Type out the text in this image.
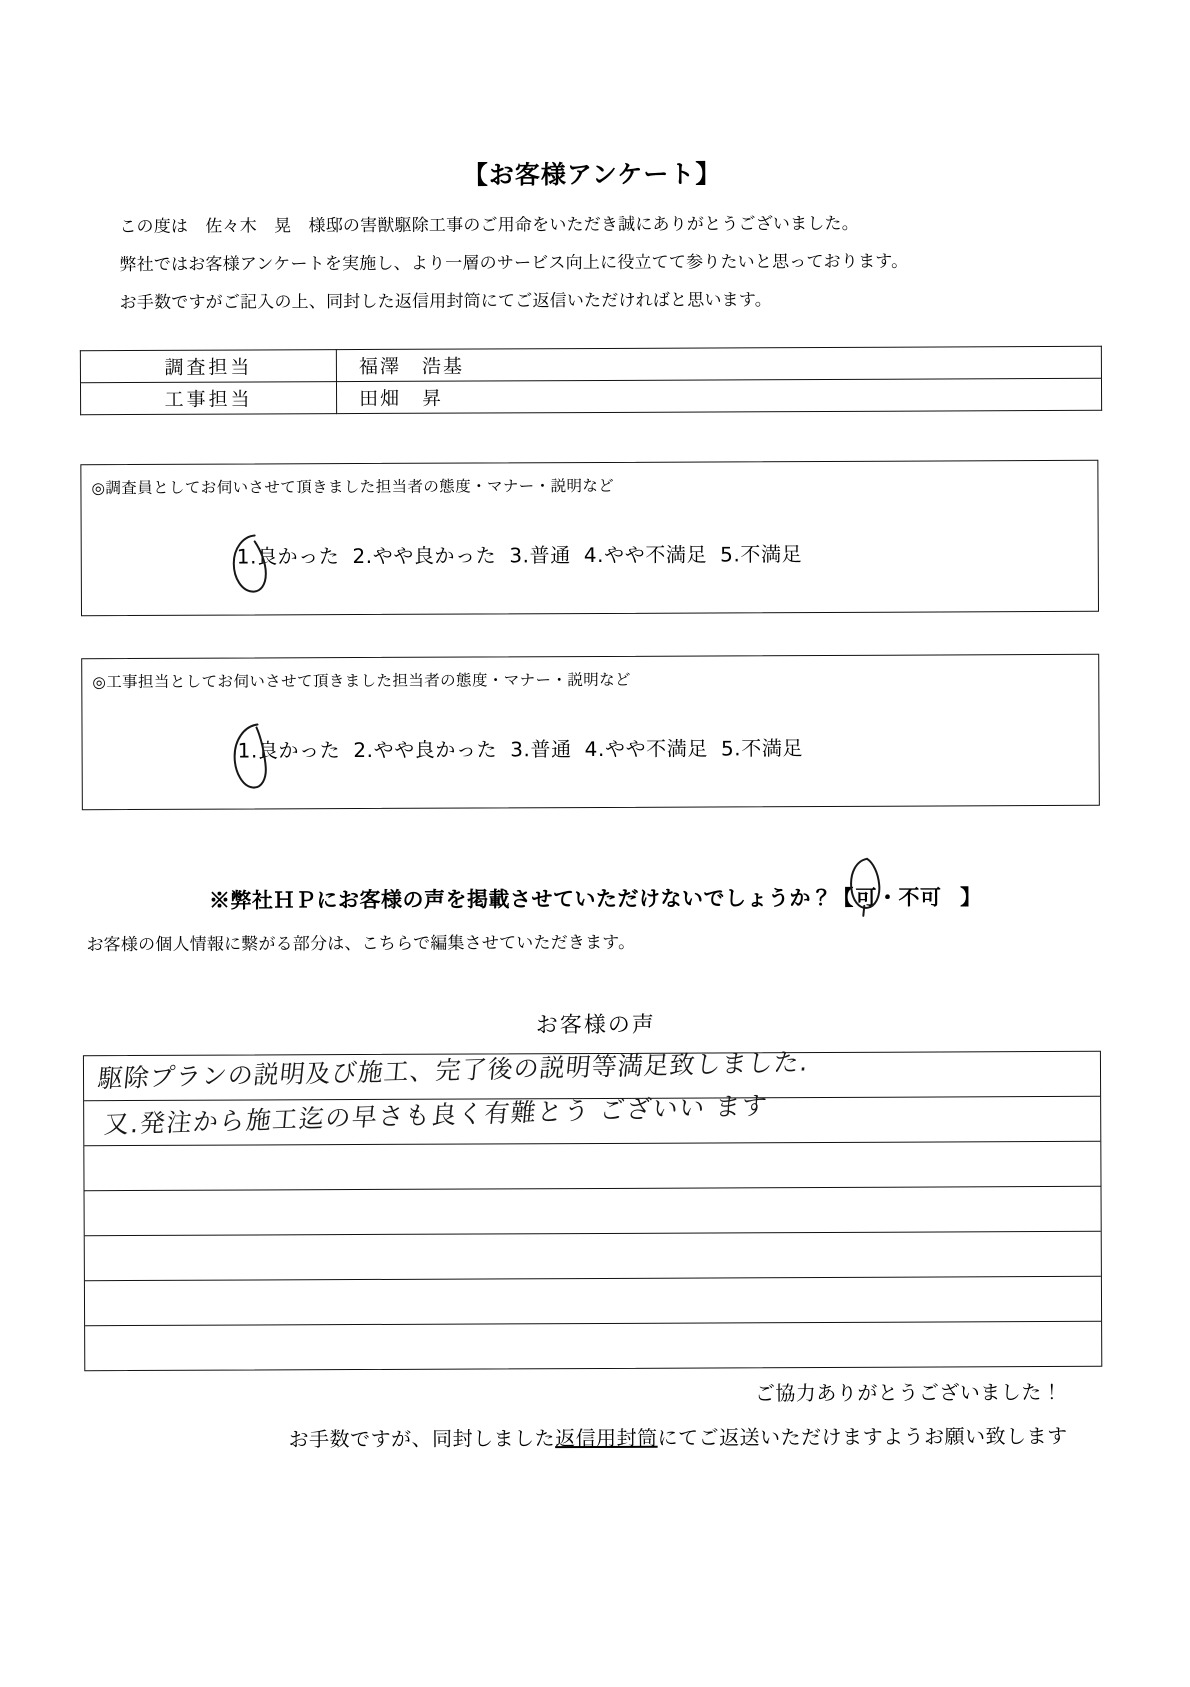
【お客様アンケート】
この度は　佐々木　晃　様邸の害獣駆除工事のご用命をいただき誠にありがとうございました。
弊社ではお客様アンケートを実施し、より一層のサービス向上に役立てて参りたいと思っております。
お手数ですがご記入の上、同封した返信用封筒にてご返信いただければと思います。
調査担当	福澤　浩基
工事担当	田畑　昇
◎調査員としてお伺いさせて頂きました担当者の態度・マナー・説明など
1.良かった 2.やや良かった 3.普通 4.やや不満足 5.不満足
◎工事担当としてお伺いさせて頂きました担当者の態度・マナー・説明など
1.良かった 2.やや良かった 3.普通 4.やや不満足 5.不満足
※弊社ＨＰにお客様の声を掲載させていただけないでしょうか？【可
・不可 】
お客様の個人情報に繋がる部分は、こちらで編集させていただきます。
お客様の声
駆除プランの説明及び施工、完了後の説明等満足致しました.
又.発注から施工迄の早さも良く有難とう ございい ます
ご協力ありがとうございました！
お手数ですが、同封しました返信用封筒にてご返送いただけますようお願い致します
